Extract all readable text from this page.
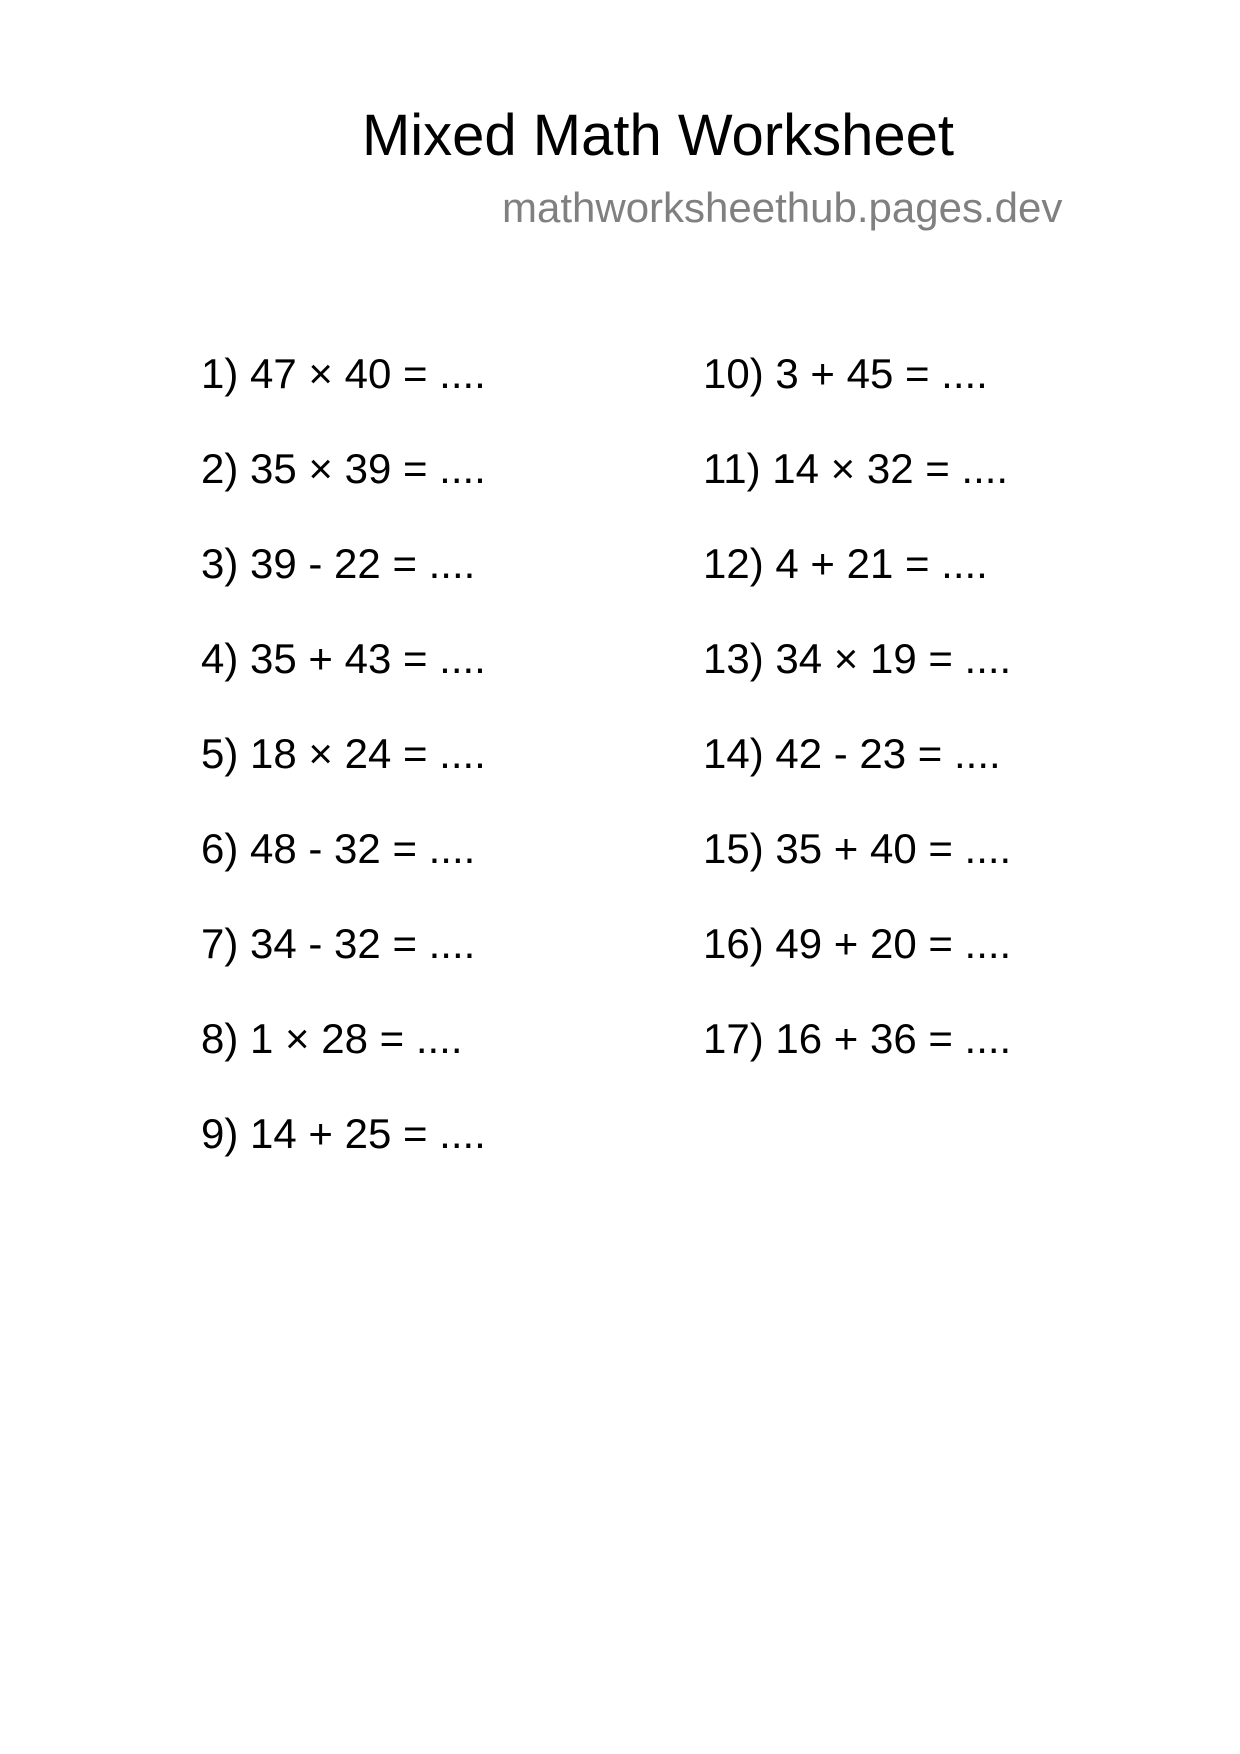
Mixed Math Worksheet
mathworksheethub.pages.dev
1) 47 × 40 = ....
2) 35 × 39 = ....
3) 39 - 22 = ....
4) 35 + 43 = ....
5) 18 × 24 = ....
6) 48 - 32 = ....
7) 34 - 32 = ....
8) 1 × 28 = ....
9) 14 + 25 = ....
10) 3 + 45 = ....
11) 14 × 32 = ....
12) 4 + 21 = ....
13) 34 × 19 = ....
14) 42 - 23 = ....
15) 35 + 40 = ....
16) 49 + 20 = ....
17) 16 + 36 = ....
